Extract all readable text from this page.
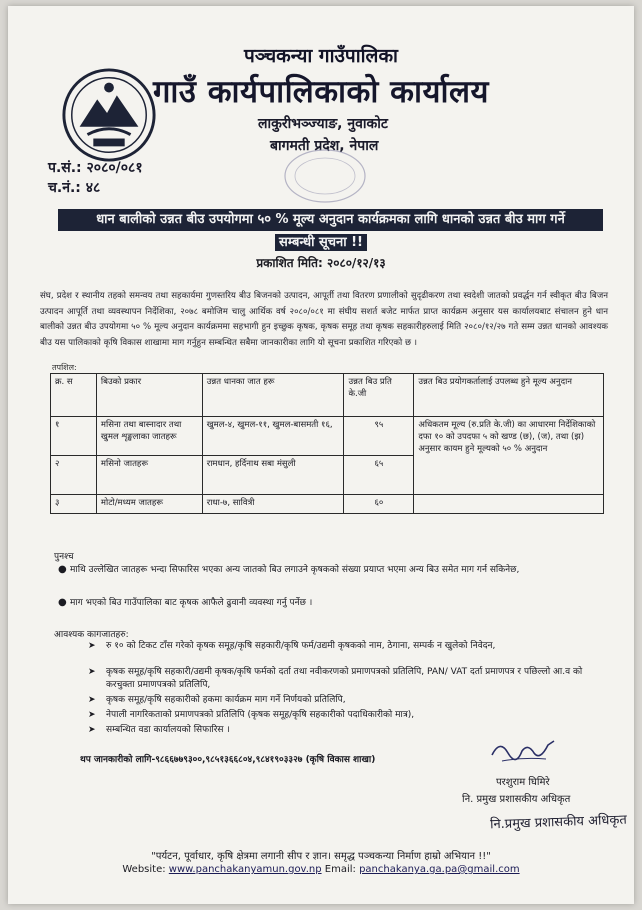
पञ्चकन्या गाउँपालिका
गाउँ कार्यपालिकाको कार्यालय
लाकुरीभञ्ज्याङ, नुवाकोट
बागमती प्रदेश, नेपाल
प.सं.: २०८०/०८१
च.नं.: ४८
धान बालीको उन्नत बीउ उपयोगमा ५० % मूल्य अनुदान कार्यक्रमका लागि धानको उन्नत बीउ माग गर्ने
सम्बन्धी सूचना !!
प्रकाशित मिति: २०८०/१२/१३
संघ, प्रदेश र स्थानीय तहको समन्वय तथा सहकार्यमा गुणस्तरिय बीउ बिजनको उत्पादन, आपूर्ती तथा वितरण प्रणालीको सुदृढीकरण तथा स्वदेशी जातको प्रवर्द्धन गर्न स्वीकृत बीउ बिजन उत्पादन आपूर्ति तथा व्यवस्थापन निर्देशिका, २०७८ बमोजिम चालु आर्थिक वर्ष २०८०/०८१ मा संघीय सशर्त बजेट मार्फत प्राप्त कार्यक्रम अनुसार यस कार्यालयबाट संचालन हुने धान बालीको उन्नत बीउ उपयोगमा ५० % मूल्य अनुदान कार्यक्रममा सहभागी हुन इच्छुक कृषक, कृषक समूह तथा कृषक सहकारीहरुलाई मिति २०८०/१२/२७ गते सम्म उन्नत धानको आवश्यक बीउ यस पालिकाको कृषि विकास शाखामा माग गर्नुहुन सम्बन्धित सबैमा जानकारीका लागि यो सूचना प्रकाशित गरिएको छ ।
तपशिल:
क्र. स	बिउको प्रकार	उन्नत धानका जात हरू	उन्नत बिउ प्रति के.जी	उन्नत बिउ प्रयोगकर्तालाई उपलब्ध हुने मूल्य अनुदान
१	मसिना तथा बास्नादार तथा खुमल शृङ्खलाका जातहरू	खुमल-४, खुमल-११, खुमल-बासमती १६,	९५	अधिकतम मूल्य (रु.प्रति के.जी) का आधारमा निर्देशिकाको दफा १० को उपदफा ५ को खण्ड (छ), (ज), तथा (झ) अनुसार कायम हुने मूल्यको ५० % अनुदान
२	मसिनो जातहरू	रामधान, हर्दिनाथ सबा मंसुली	६५	
३	मोटो/मध्यम जातहरू	राधा-७, सावित्री	६०	
पुनश्च
● माथि उल्लेखित जातहरू भन्दा सिफारिस भएका अन्य जातको बिउ लगाउने कृषकको संख्या प्रयाप्त भएमा अन्य बिउ समेत माग गर्न सकिनेछ,
● माग भएको बिउ गाउँपालिका बाट कृषक आफैले ढुवानी व्यवस्था गर्नु पर्नेछ ।
आवश्यक कागजातहरु:
➤ रु १० को टिकट टाँस गरेको कृषक समूह/कृषि सहकारी/कृषि फर्म/उद्यमी कृषकको नाम, ठेगाना, सम्पर्क न खुलेको निवेदन,
➤ कृषक समूह/कृषि सहकारी/उद्यमी कृषक/कृषि फर्मको दर्ता तथा नवीकरणको प्रमाणपत्रको प्रतिलिपि, PAN/ VAT दर्ता प्रमाणपत्र र पछिल्लो आ.व को करचुक्ता प्रमाणपत्रको प्रतिलिपि,
➤ कृषक समूह/कृषि सहकारीको हकमा कार्यक्रम माग गर्ने निर्णयको प्रतिलिपि,
➤ नेपाली नागरिकताको प्रमाणपत्रको प्रतिलिपि (कृषक समूह/कृषि सहकारीको पदाधिकारीको मात्र),
➤ सम्बन्धित वडा कार्यालयको सिफारिस ।
थप जानकारीको लागि-९८६६७७९३००,९८५१३६६८०४,९८४१९०३३२७ (कृषि विकास शाखा)
परशुराम घिमिरे
नि. प्रमुख प्रशासकीय अधिकृत
नि.प्रमुख प्रशासकीय अधिकृत
"पर्यटन, पूर्वाधार, कृषि क्षेत्रमा लगानी सीप र ज्ञान। समृद्ध पञ्चकन्या निर्माण हाम्रो अभियान !!"
Website: www.panchakanyamun.gov.np Email: panchakanya.ga.pa@gmail.com
